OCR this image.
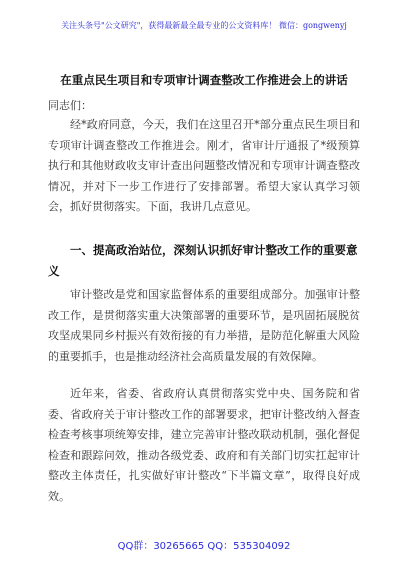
关注头条号"公文研究"，获得最新最全最专业的公文资料库！ 微信：gongwenyj
在重点民生项目和专项审计调查整改工作推进会上的讲话
同志们：

经*政府同意，今天，我们在这里召开*部分重点民生项目和专项审计调查整改工作推进会。刚才，省审计厅通报了*级预算执行和其他财政收支审计查出问题整改情况和专项审计调查整改情况，并对下一步工作进行了安排部署。希望大家认真学习领会，抓好贯彻落实。下面，我讲几点意见。

一、提高政治站位，深刻认识抓好审计整改工作的重要意义

审计整改是党和国家监督体系的重要组成部分。加强审计整改工作，是贯彻落实重大决策部署的重要环节，是巩固拓展脱贫攻坚成果同乡村振兴有效衔接的有力举措，是防范化解重大风险的重要抓手，也是推动经济社会高质量发展的有效保障。

近年来，省委、省政府认真贯彻落实党中央、国务院和省委、省政府关于审计整改工作的部署要求，把审计整改纳入督查检查考核事项统筹安排，建立完善审计整改联动机制，强化督促检查和跟踪问效，推动各级党委、政府和有关部门切实扛起审计整改主体责任，扎实做好审计整改“下半篇文章”，取得良好成效。

QQ群：30265665 QQ：535304092
